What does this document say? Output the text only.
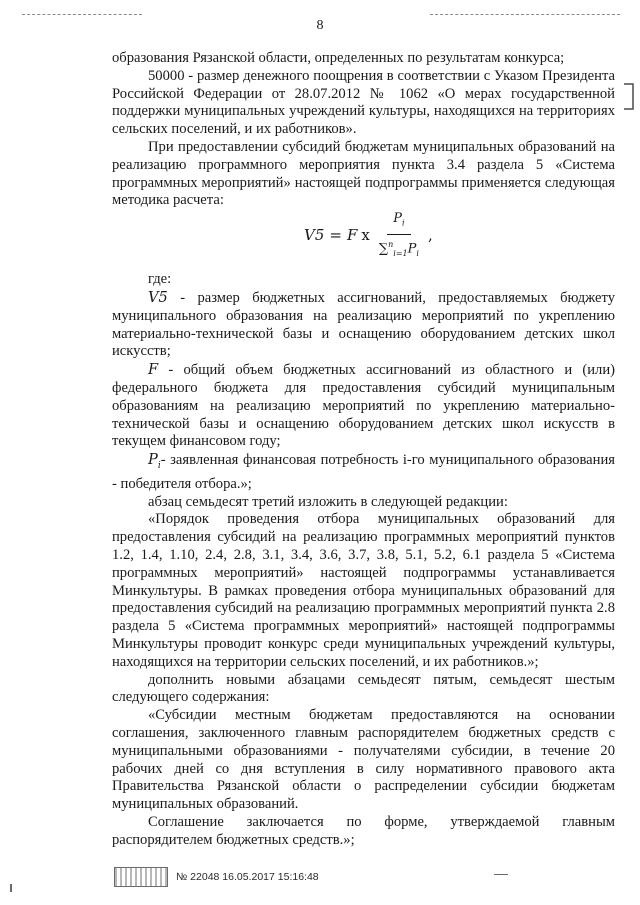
8

образования Рязанской области, определенных по результатам конкурса;

50000 - размер денежного поощрения в соответствии с Указом Президента Российской Федерации от 28.07.2012 № 1062 «О мерах государственной поддержки муниципальных учреждений культуры, находящихся на территориях сельских поселений, и их работников».

При предоставлении субсидий бюджетам муниципальных образований на реализацию программного мероприятия пункта 3.4 раздела 5 «Система программных мероприятий» настоящей подпрограммы применяется следующая методика расчета:

V5 = F x $\frac{P_i}{\sum^n_{i=1}P_i}$ ,

где:

V5 - размер бюджетных ассигнований, предоставляемых бюджету муниципального образования на реализацию мероприятий по укреплению материально-технической базы и оснащению оборудованием детских школ искусств;

F - общий объем бюджетных ассигнований из областного и (или) федерального бюджета для предоставления субсидий муниципальным образованиям на реализацию мероприятий по укреплению материально-технической базы и оснащению оборудованием детских школ искусств в текущем финансовом году;

$P_i-$ заявленная финансовая потребность i-го муниципального образования - победителя отбора.»;

абзац семьдесят третий изложить в следующей редакции:

«Порядок проведения отбора муниципальных образований для предоставления субсидий на реализацию программных мероприятий пунктов 1.2, 1.4, 1.10, 2.4, 2.8, 3.1, 3.4, 3.6, 3.7, 3.8, 5.1, 5.2, 6.1 раздела 5 «Система программных мероприятий» настоящей подпрограммы устанавливается Минкультуры. В рамках проведения отбора муниципальных образований для предоставления субсидий на реализацию программных мероприятий пункта 2.8 раздела 5 «Система программных мероприятий» настоящей подпрограммы Минкультуры проводит конкурс среди муниципальных учреждений культуры, находящихся на территории сельских поселений, и их работников.»;

дополнить новыми абзацами семьдесят пятым, семьдесят шестым следующего содержания:

«Субсидии местным бюджетам предоставляются на основании соглашения, заключенного главным распорядителем бюджетных средств с муниципальными образованиями - получателями субсидии, в течение 20 рабочих дней со дня вступления в силу нормативного правового акта Правительства Рязанской области о распределении субсидии бюджетам муниципальных образований.

Соглашение заключается по форме, утверждаемой главным распорядителем бюджетных средств.»;

№ 22048 16.05.2017 15:16:48
